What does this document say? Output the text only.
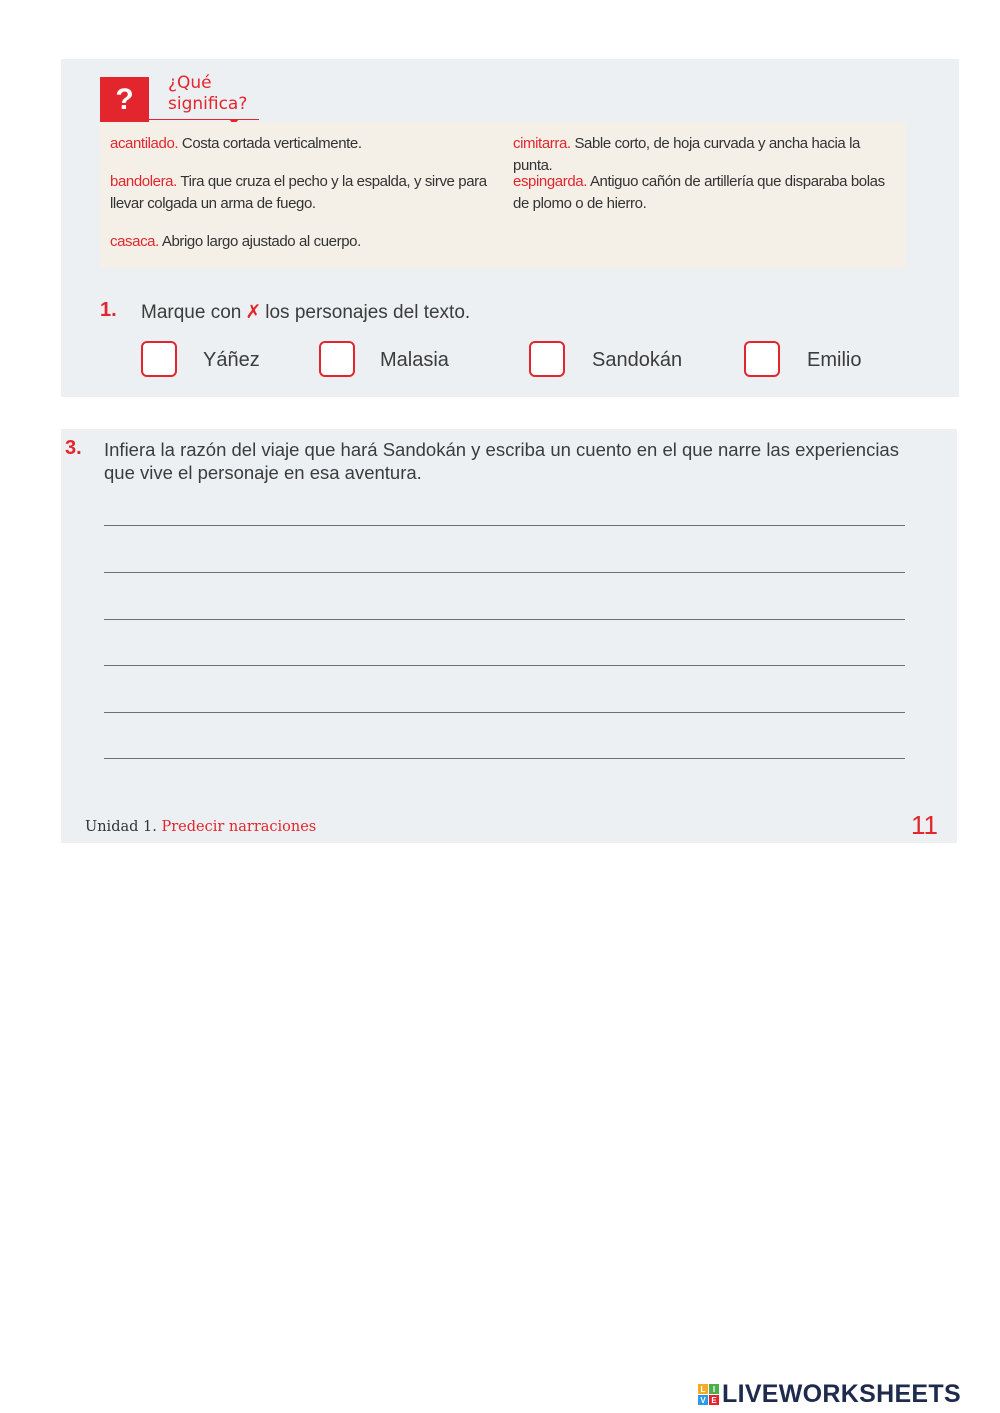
? ¿Qué
significa?
acantilado. Costa cortada verticalmente.
bandolera. Tira que cruza el pecho y la espalda, y sirve para llevar colgada un arma de fuego.
casaca. Abrigo largo ajustado al cuerpo.
cimitarra. Sable corto, de hoja curvada y ancha hacia la punta.
espingarda. Antiguo cañón de artillería que disparaba bolas de plomo o de hierro.
1. Marque con ✗ los personajes del texto.
Yáñez	Malasia	Sandokán	Emilio
3. Infiera la razón del viaje que hará Sandokán y escriba un cuento en el que narre las experiencias que vive el personaje en esa aventura.
Unidad 1. Predecir narraciones	11
L I
V E LIVEWORKSHEETS
